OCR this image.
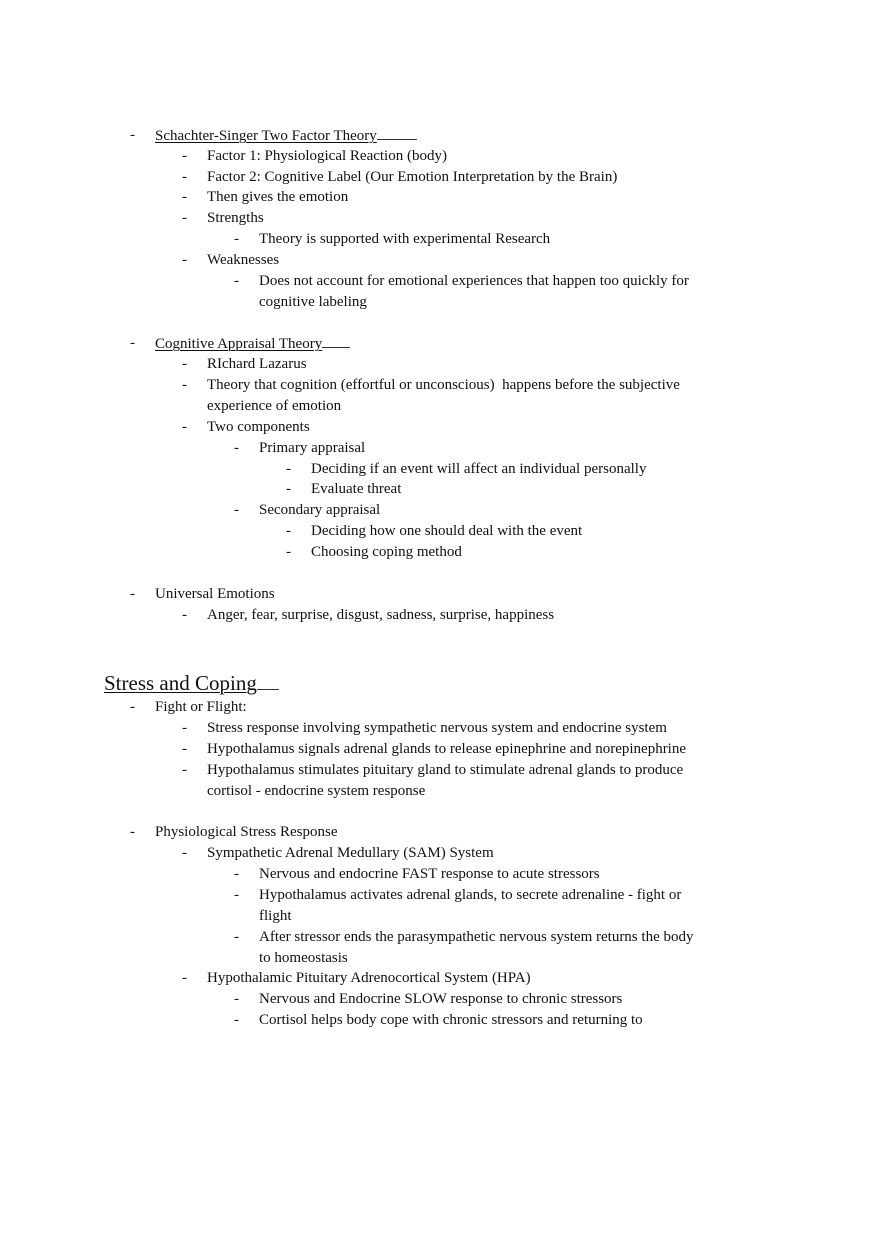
- Schachter-Singer Two Factor Theory
- Factor 1: Physiological Reaction (body)
- Factor 2: Cognitive Label (Our Emotion Interpretation by the Brain)
- Then gives the emotion
- Strengths
- Theory is supported with experimental Research
- Weaknesses
- Does not account for emotional experiences that happen too quickly for
cognitive labeling
- Cognitive Appraisal Theory
- RIchard Lazarus
- Theory that cognition (effortful or unconscious)  happens before the subjective
experience of emotion
- Two components
- Primary appraisal
- Deciding if an event will affect an individual personally
- Evaluate threat
- Secondary appraisal
- Deciding how one should deal with the event
- Choosing coping method
- Universal Emotions
- Anger, fear, surprise, disgust, sadness, surprise, happiness
Stress and Coping
- Fight or Flight:
- Stress response involving sympathetic nervous system and endocrine system
- Hypothalamus signals adrenal glands to release epinephrine and norepinephrine
- Hypothalamus stimulates pituitary gland to stimulate adrenal glands to produce
cortisol - endocrine system response
- Physiological Stress Response
- Sympathetic Adrenal Medullary (SAM) System
- Nervous and endocrine FAST response to acute stressors
- Hypothalamus activates adrenal glands, to secrete adrenaline - fight or
flight
- After stressor ends the parasympathetic nervous system returns the body
to homeostasis
- Hypothalamic Pituitary Adrenocortical System (HPA)
- Nervous and Endocrine SLOW response to chronic stressors
- Cortisol helps body cope with chronic stressors and returning to
